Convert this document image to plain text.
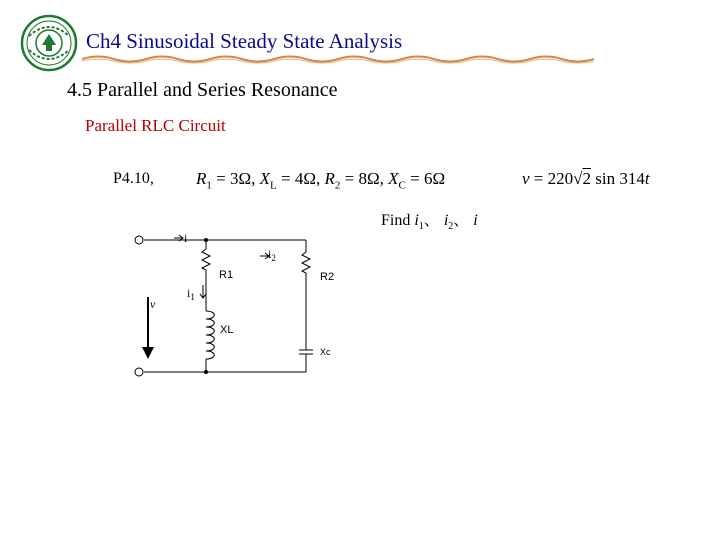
Ch4 Sinusoidal Steady State Analysis
4.5 Parallel and Series Resonance
Parallel RLC Circuit
P4.10, $R_1 = 3\Omega$, $X_L = 4\Omega$, $R_2 = 8\Omega$, $X_C = 6\Omega$	v = 220√2 sin 314t
Find $i_1$、 $i_2$、 i
i
$i_2$
$i_1$
v
R1	R2
XL
Xc
